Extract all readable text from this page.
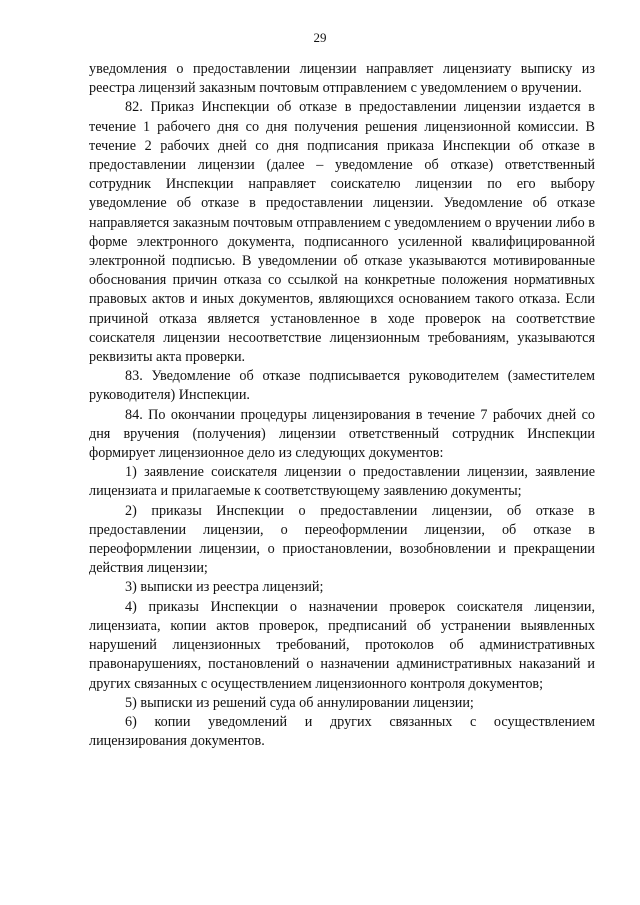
29

уведомления о предоставлении лицензии направляет лицензиату выписку из реестра лицензий заказным почтовым отправлением с уведомлением о вручении.

82. Приказ Инспекции об отказе в предоставлении лицензии издается в течение 1 рабочего дня со дня получения решения лицензионной комиссии. В течение 2 рабочих дней со дня подписания приказа Инспекции об отказе в предоставлении лицензии (далее – уведомление об отказе) ответственный сотрудник Инспекции направляет соискателю лицензии по его выбору уведомление об отказе в предоставлении лицензии. Уведомление об отказе направляется заказным почтовым отправлением с уведомлением о вручении либо в форме электронного документа, подписанного усиленной квалифицированной электронной подписью. В уведомлении об отказе указываются мотивированные обоснования причин отказа со ссылкой на конкретные положения нормативных правовых актов и иных документов, являющихся основанием такого отказа. Если причиной отказа является установленное в ходе проверок на соответствие соискателя лицензии несоответствие лицензионным требованиям, указываются реквизиты акта проверки.

83. Уведомление об отказе подписывается руководителем (заместителем руководителя) Инспекции.

84. По окончании процедуры лицензирования в течение 7 рабочих дней со дня вручения (получения) лицензии ответственный сотрудник Инспекции формирует лицензионное дело из следующих документов:

1) заявление соискателя лицензии о предоставлении лицензии, заявление лицензиата и прилагаемые к соответствующему заявлению документы;

2) приказы Инспекции о предоставлении лицензии, об отказе в предоставлении лицензии, о переоформлении лицензии, об отказе в переоформлении лицензии, о приостановлении, возобновлении и прекращении действия лицензии;

3) выписки из реестра лицензий;

4) приказы Инспекции о назначении проверок соискателя лицензии, лицензиата, копии актов проверок, предписаний об устранении выявленных нарушений лицензионных требований, протоколов об административных правонарушениях, постановлений о назначении административных наказаний и других связанных с осуществлением лицензионного контроля документов;

5) выписки из решений суда об аннулировании лицензии;

6) копии уведомлений и других связанных с осуществлением лицензирования документов.
